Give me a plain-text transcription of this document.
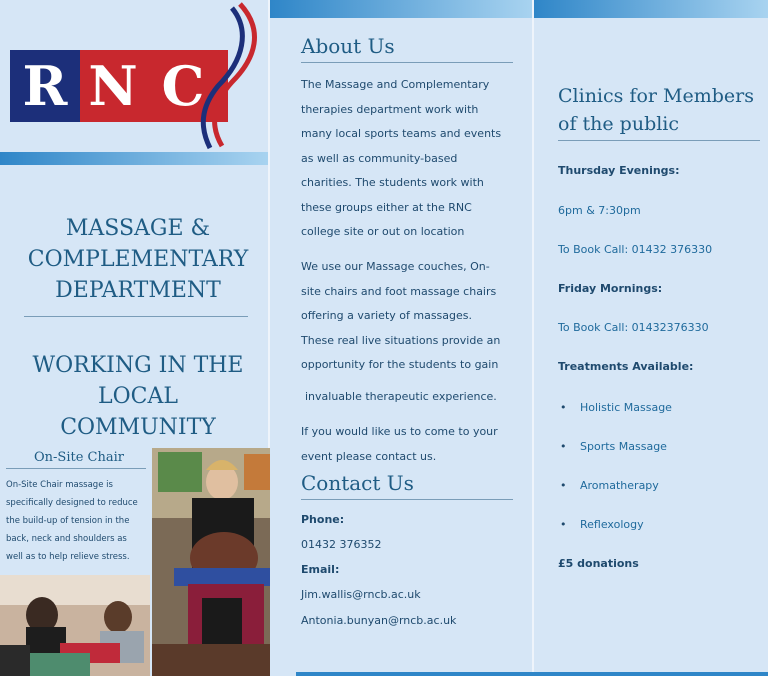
R N C
MASSAGE &
COMPLEMENTARY
DEPARTMENT
WORKING IN THE
LOCAL
COMMUNITY
On-Site Chair
On-Site Chair massage is
specifically designed to reduce
the build-up of tension in the
back, neck and shoulders as
well as to help relieve stress.
About Us
The Massage and Complementary
therapies department work with
many local sports teams and events
as well as community-based
charities. The students work with
these groups either at the RNC
college site or out on location
We use our Massage couches, On-
site chairs and foot massage chairs
offering a variety of massages.
These real live situations provide an
opportunity for the students to gain
invaluable therapeutic experience.
If you would like us to come to your
event please contact us.
Contact Us
Phone:
01432 376352
Email:
Jim.wallis@rncb.ac.uk
Antonia.bunyan@rncb.ac.uk
Clinics for Members
of the public
Thursday Evenings:
6pm & 7:30pm
To Book Call: 01432 376330
Friday Mornings:
To Book Call: 01432376330
Treatments Available:
• Holistic Massage
• Sports Massage
• Aromatherapy
• Reflexology
£5 donations
